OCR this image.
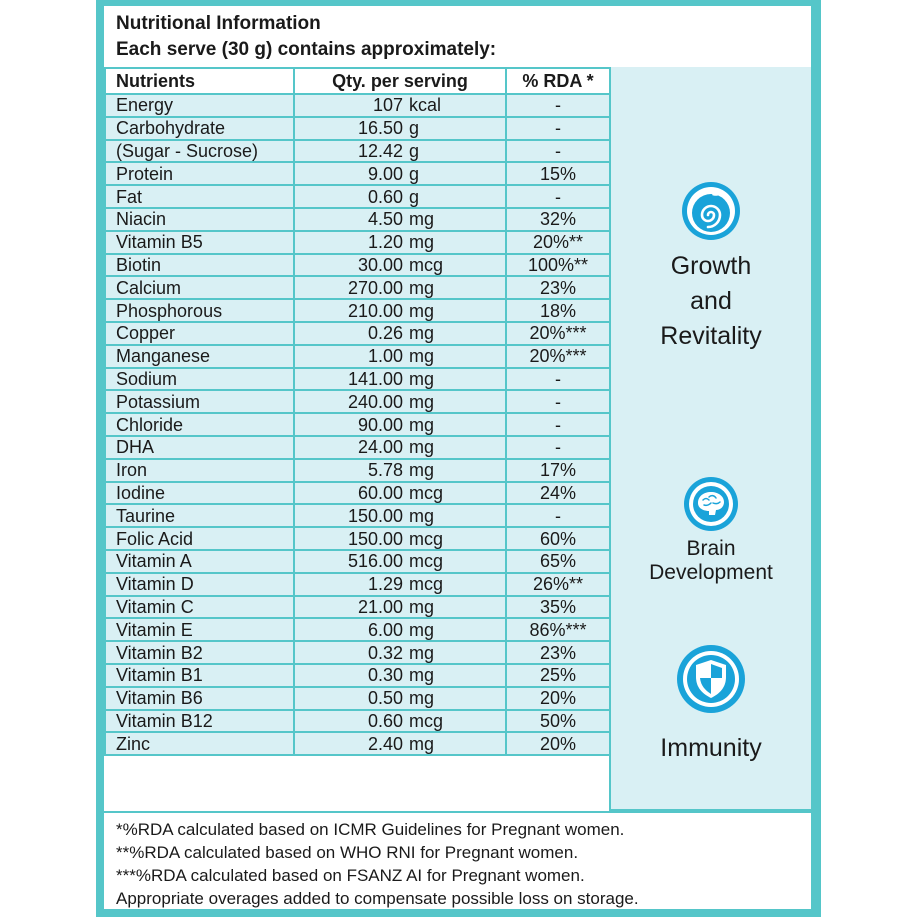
Nutritional Information
Each serve (30 g) contains approximately:
Nutrients	Qty. per serving	% RDA *
Energy	107 kcal	-
Carbohydrate	16.50 g	-
(Sugar - Sucrose)	12.42 g	-
Protein	9.00 g	15%
Fat	0.60 g	-
Niacin	4.50 mg	32%
Vitamin B5	1.20 mg	20%**
Biotin	30.00 mcg	100%**
Calcium	270.00 mg	23%
Phosphorous	210.00 mg	18%
Copper	0.26 mg	20%***
Manganese	1.00 mg	20%***
Sodium	141.00 mg	-
Potassium	240.00 mg	-
Chloride	90.00 mg	-
DHA	24.00 mg	-
Iron	5.78 mg	17%
Iodine	60.00 mcg	24%
Taurine	150.00 mg	-
Folic Acid	150.00 mcg	60%
Vitamin A	516.00 mcg	65%
Vitamin D	1.29 mcg	26%**
Vitamin C	21.00 mg	35%
Vitamin E	6.00 mg	86%***
Vitamin B2	0.32 mg	23%
Vitamin B1	0.30 mg	25%
Vitamin B6	0.50 mg	20%
Vitamin B12	0.60 mcg	50%
Zinc	2.40 mg	20%
Growth
and
Revitality
Brain
Development
Immunity
*%RDA calculated based on ICMR Guidelines for Pregnant women.
**%RDA calculated based on WHO RNI for Pregnant women.
***%RDA calculated based on FSANZ AI for Pregnant women.
Appropriate overages added to compensate possible loss on storage.
